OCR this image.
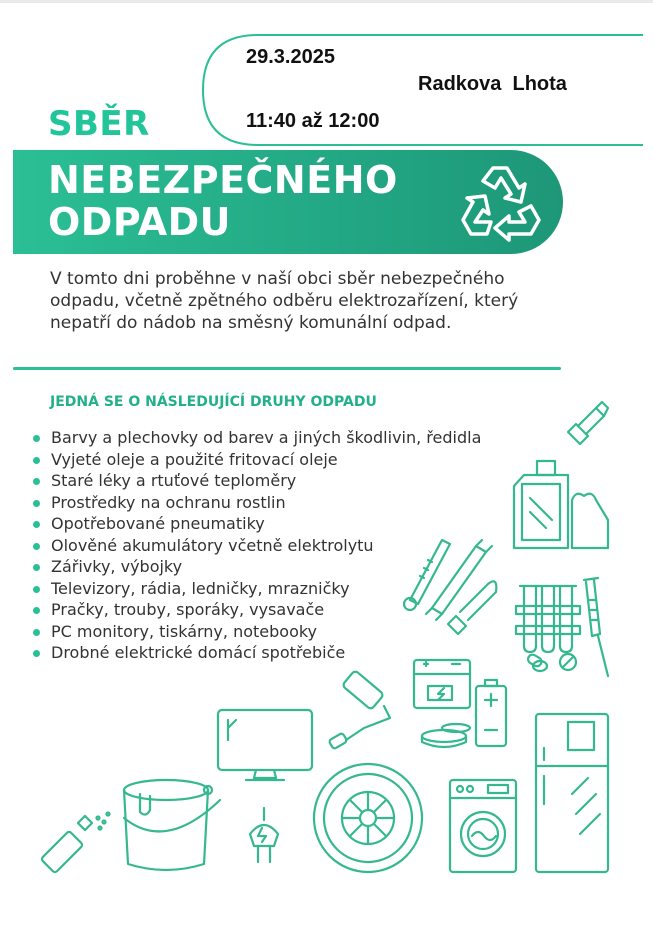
29.3.2025
Radkova  Lhota
11:40 až 12:00
SBĚR
NEBEZPEČNÉHO
ODPADU
V tomto dni proběhne v naší obci sběr nebezpečného odpadu, včetně zpětného odběru elektrozařízení, který nepatří do nádob na směsný komunální odpad.
JEDNÁ SE O NÁSLEDUJÍCÍ DRUHY ODPADU
Barvy a plechovky od barev a jiných škodlivin, ředidla
Vyjeté oleje a použité fritovací oleje
Staré léky a rtuťové teploměry
Prostředky na ochranu rostlin
Opotřebované pneumatiky
Olověné akumulátory včetně elektrolytu
Zářivky, výbojky
Televizory, rádia, ledničky, mrazničky
Pračky, trouby, sporáky, vysavače
PC monitory, tiskárny, notebooky
Drobné elektrické domácí spotřebiče
